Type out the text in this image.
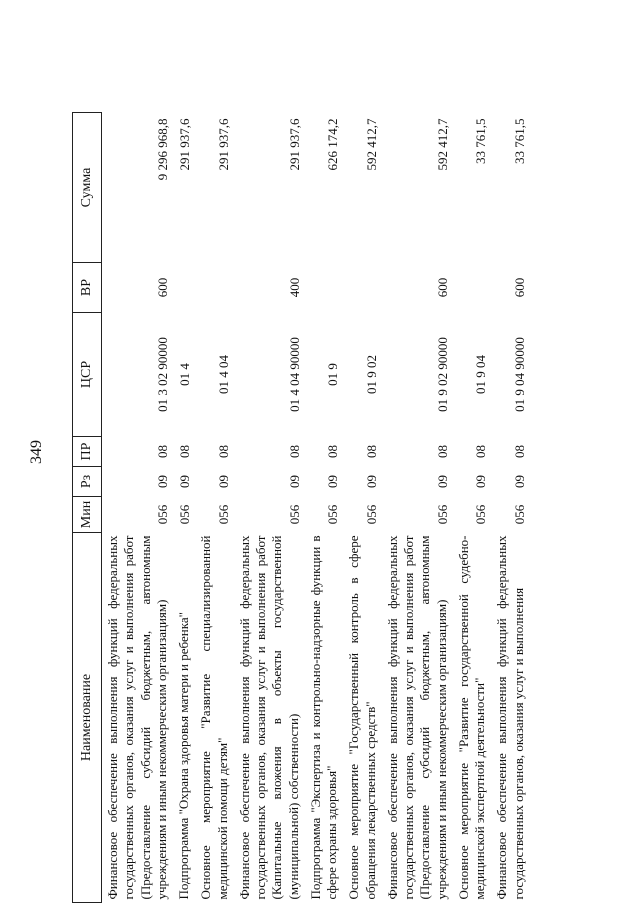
349
Наименование	Мин	Рз	ПР	ЦСР	ВР	Сумма
Финансовое обеспечение выполнения функций федеральных государственных органов, оказания услуг и выполнения работ (Предоставление субсидий бюджетным, автономным учреждениям и иным некоммерческим организациям)	056	09	08	01 3 02 90000	600	9 296 968,8
Подпрограмма "Охрана здоровья матери и ребенка"	056	09	08	01 4		291 937,6
Основное мероприятие "Развитие специализированной медицинской помощи детям"	056	09	08	01 4 04		291 937,6
Финансовое обеспечение выполнения функций федеральных государственных органов, оказания услуг и выполнения работ (Капитальные вложения в объекты государственной (муниципальной) собственности)	056	09	08	01 4 04 90000	400	291 937,6
Подпрограмма "Экспертиза и контрольно-надзорные функции в сфере охраны здоровья"	056	09	08	01 9		626 174,2
Основное мероприятие "Государственный контроль в сфере обращения лекарственных средств"	056	09	08	01 9 02		592 412,7
Финансовое обеспечение выполнения функций федеральных государственных органов, оказания услуг и выполнения работ (Предоставление субсидий бюджетным, автономным учреждениям и иным некоммерческим организациям)	056	09	08	01 9 02 90000	600	592 412,7
Основное мероприятие "Развитие государственной судебно-медицинской экспертной деятельности"	056	09	08	01 9 04		33 761,5
Финансовое обеспечение выполнения функций федеральных государственных органов, оказания услуг и выполнения	056	09	08	01 9 04 90000	600	33 761,5
